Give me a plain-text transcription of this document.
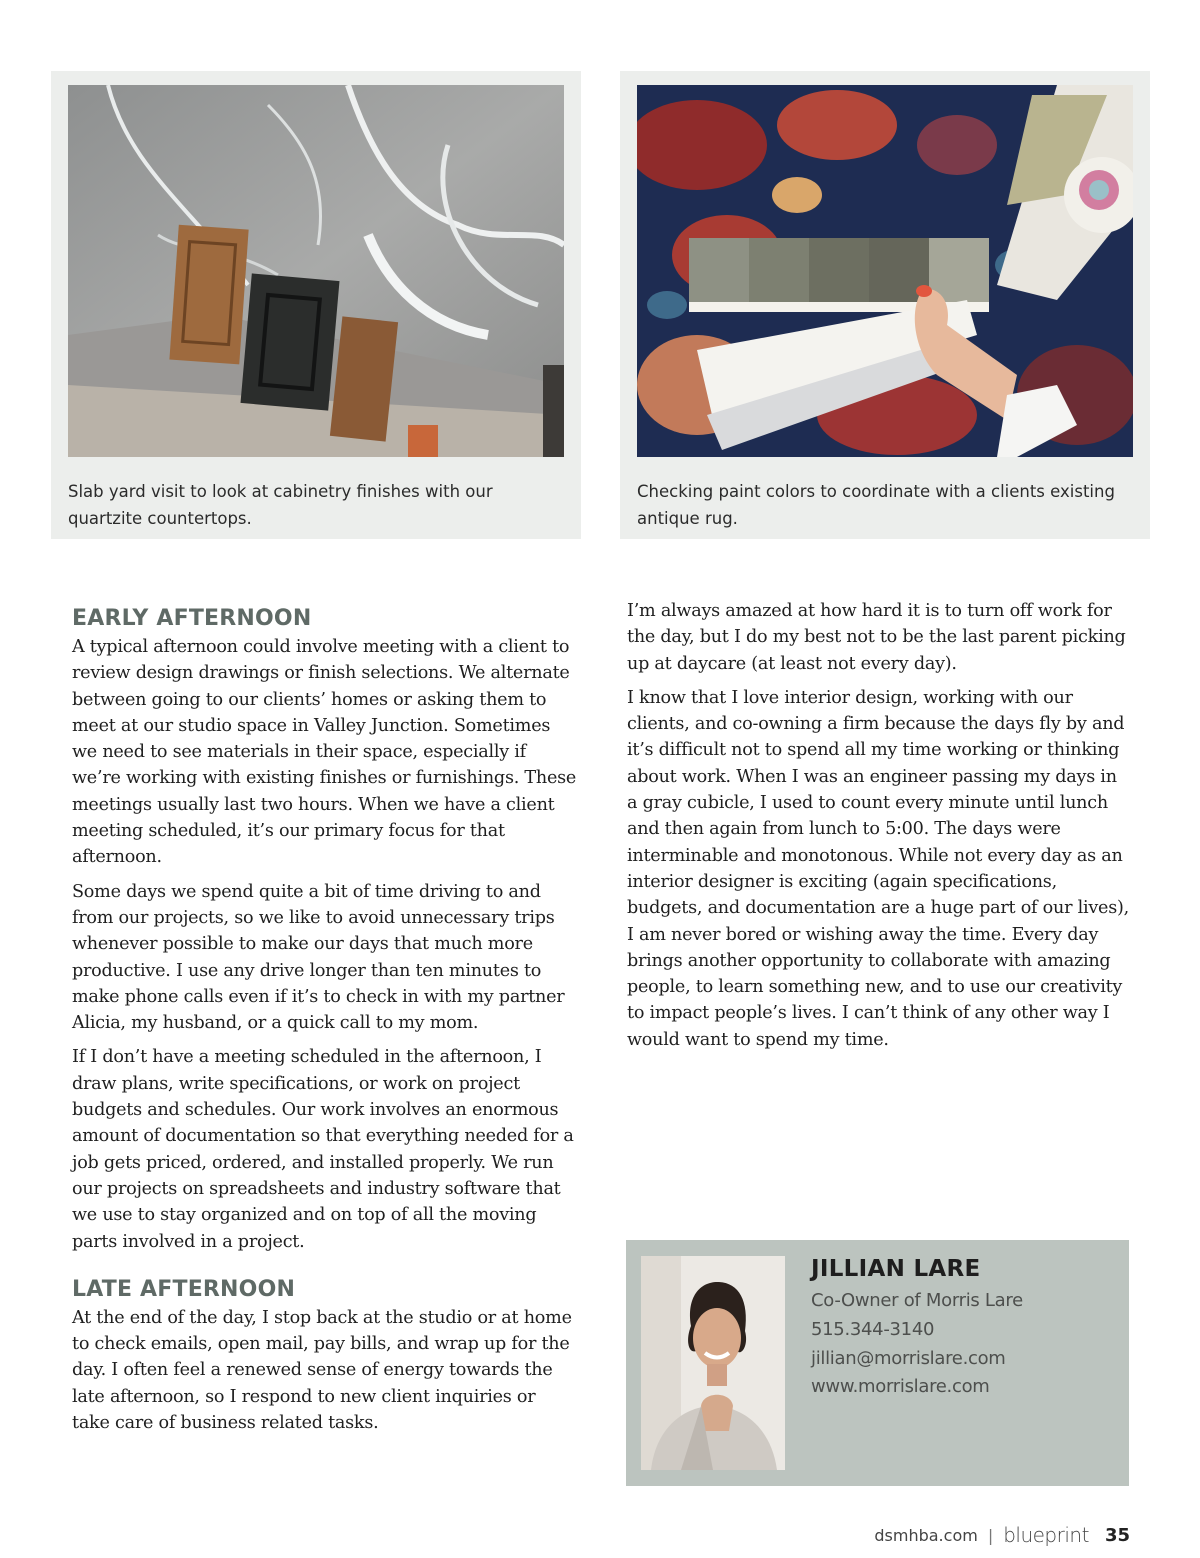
Slab yard visit to look at cabinetry finishes with our quartzite countertops.
Checking paint colors to coordinate with a clients existing antique rug.
EARLY AFTERNOON

A typical afternoon could involve meeting with a client to review design drawings or finish selections. We alternate between going to our clients’ homes or asking them to meet at our studio space in Valley Junction. Sometimes we need to see materials in their space, especially if we’re working with existing finishes or furnishings. These meetings usually last two hours. When we have a client meeting scheduled, it’s our primary focus for that afternoon.

Some days we spend quite a bit of time driving to and from our projects, so we like to avoid unnecessary trips whenever possible to make our days that much more productive. I use any drive longer than ten minutes to make phone calls even if it’s to check in with my partner Alicia, my husband, or a quick call to my mom.

If I don’t have a meeting scheduled in the afternoon, I draw plans, write specifications, or work on project budgets and schedules. Our work involves an enormous amount of documentation so that everything needed for a job gets priced, ordered, and installed properly. We run our projects on spreadsheets and industry software that we use to stay organized and on top of all the moving parts involved in a project.

LATE AFTERNOON

At the end of the day, I stop back at the studio or at home to check emails, open mail, pay bills, and wrap up for the day. I often feel a renewed sense of energy towards the late afternoon, so I respond to new client inquiries or take care of business related tasks.

I’m always amazed at how hard it is to turn off work for the day, but I do my best not to be the last parent picking up at daycare (at least not every day).

I know that I love interior design, working with our clients, and co-owning a firm because the days fly by and it’s difficult not to spend all my time working or thinking about work. When I was an engineer passing my days in a gray cubicle, I used to count every minute until lunch and then again from lunch to 5:00. The days were interminable and monotonous. While not every day as an interior designer is exciting (again specifications, budgets, and documentation are a huge part of our lives), I am never bored or wishing away the time. Every day brings another opportunity to collaborate with amazing people, to learn something new, and to use our creativity to impact people’s lives. I can’t think of any other way I would want to spend my time.

JILLIAN LARE
Co-Owner of Morris Lare
515.344-3140
jillian@morrislare.com
www.morrislare.com
dsmhba.com | blueprint 35
